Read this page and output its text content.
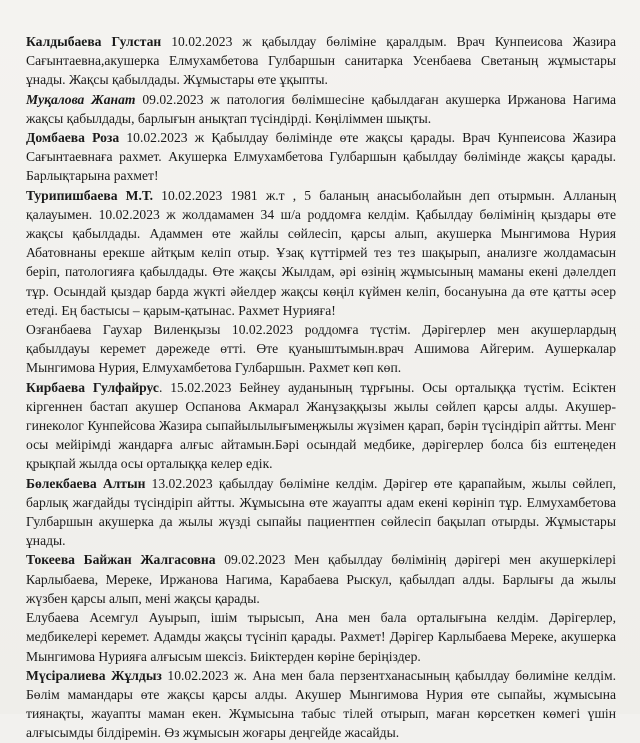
Калдыбаева Гулстан 10.02.2023 ж қабылдау бөліміне қаралдым. Врач Кунпеисова Жазира Сағынтаевна,акушерка Елмухамбетова Гулбаршын санитарка Усенбаева Светаның жұмыстары ұнады. Жақсы қабылдады. Жұмыстары өте ұқыпты.

Муқалова Жанат 09.02.2023 ж патология бөлімшесіне қабылдаған акушерка Иржанова Нагима жақсы қабылдады, барлығын анықтап түсіндірді. Көңіліммен шықты.

Домбаева Роза 10.02.2023 ж Қабылдау бөлімінде өте жақсы қарады. Врач Кунпеисова Жазира Сағынтаевнаға рахмет. Акушерка Елмухамбетова Гулбаршын қабылдау бөлімінде жақсы қарады. Барлықтарына рахмет!

Турипишбаева М.Т. 10.02.2023 1981 ж.т , 5 баланың анасыболайын деп отырмын. Алланың қалауымен. 10.02.2023 ж жолдамамен 34 ш/а роддомға келдім. Қабылдау бөлімінің қыздары өте жақсы қабылдады. Адаммен өте жайлы сөйлесіп, қарсы алып, акушерка Мынгимова Нурия Абатовнаны ерекше айтқым келіп отыр. Ұзақ күттірмей тез тез шақырып, анализге жолдамасын беріп, патологияға қабылдады. Өте жақсы Жылдам, әрі өзінің жұмысының маманы екені дәлелдеп тұр. Осындай қыздар барда жүкті әйелдер жақсы көңіл күймен келіп, босануына да өте қатты әсер етеді. Ең бастысы – қарым-қатынас. Рахмет Нурияға!

Озғанбаева Гаухар Виленқызы 10.02.2023 роддомға түстім. Дәрігерлер мен акушерлардың қабылдауы керемет дәрежеде өтті. Өте қуаныштымын.врач Ашимова Айгерим. Аушеркалар Мынгимова Нурия, Елмухамбетова Гулбаршын. Рахмет көп көп.

Кирбаева Гулфайрус. 15.02.2023 Бейнеу ауданының тұрғыны. Осы орталыққа түстім. Есіктен кіргеннен бастап акушер Оспанова Акмарал Жанұзаққызы жылы сөйлеп қарсы алды. Акушер-гинеколог Кунпейсова Жазира сыпайылылығымеңжылы жүзімен қарап, бәрін түсіндіріп айтты. Менг осы мейірімді жандарға алғыс айтамын.Бәрі осындай медбике, дәрігерлер болса біз ештеңеден қрықпай жылда осы орталыққа келер едік.

Бөлекбаева Алтын 13.02.2023 қабылдау бөліміне келдім. Дәрігер өте қарапайым, жылы сөйлеп, барлық жағдайды түсіндіріп айтты. Жұмысына өте жауапты адам екені көрініп тұр. Елмухамбетова Гулбаршын акушерка да жылы жүзді сыпайы пациентпен сөйлесіп бақылап отырды. Жұмыстары ұнады.

Токеева Байжан Жалгасовна 09.02.2023 Мен қабылдау бөлімінің дәрігері мен акушеркілері Карлыбаева, Мереке, Иржанова Нагима, Карабаева Рыскул, қабылдап алды. Барлығы да жылы жүзбен қарсы алып, мені жақсы қарады.

Елубаева Асемгул Ауырып, ішім тырысып, Ана мен бала орталығына келдім. Дәрігерлер, медбикелері керемет. Адамды жақсы түсініп қарады. Рахмет! Дәрігер Карлыбаева Мереке, акушерка Мынгимова Нурияға алғысым шексіз. Биіктерден көріне беріңіздер.

Мүсіралиева Жұлдыз 10.02.2023 ж. Ана мен бала перзентханасының қабылдау бөлиміне келдім. Бөлім мамандары өте жақсы қарсы алды. Акушер Мынгимова Нурия өте сыпайы, жұмысына тиянақты, жауапты маман екен. Жұмысына табыс тілей отырып, маған көрсеткен көмегі үшін алғысымды білдіремін. Өз жұмысын жоғары деңгейде жасайды.
